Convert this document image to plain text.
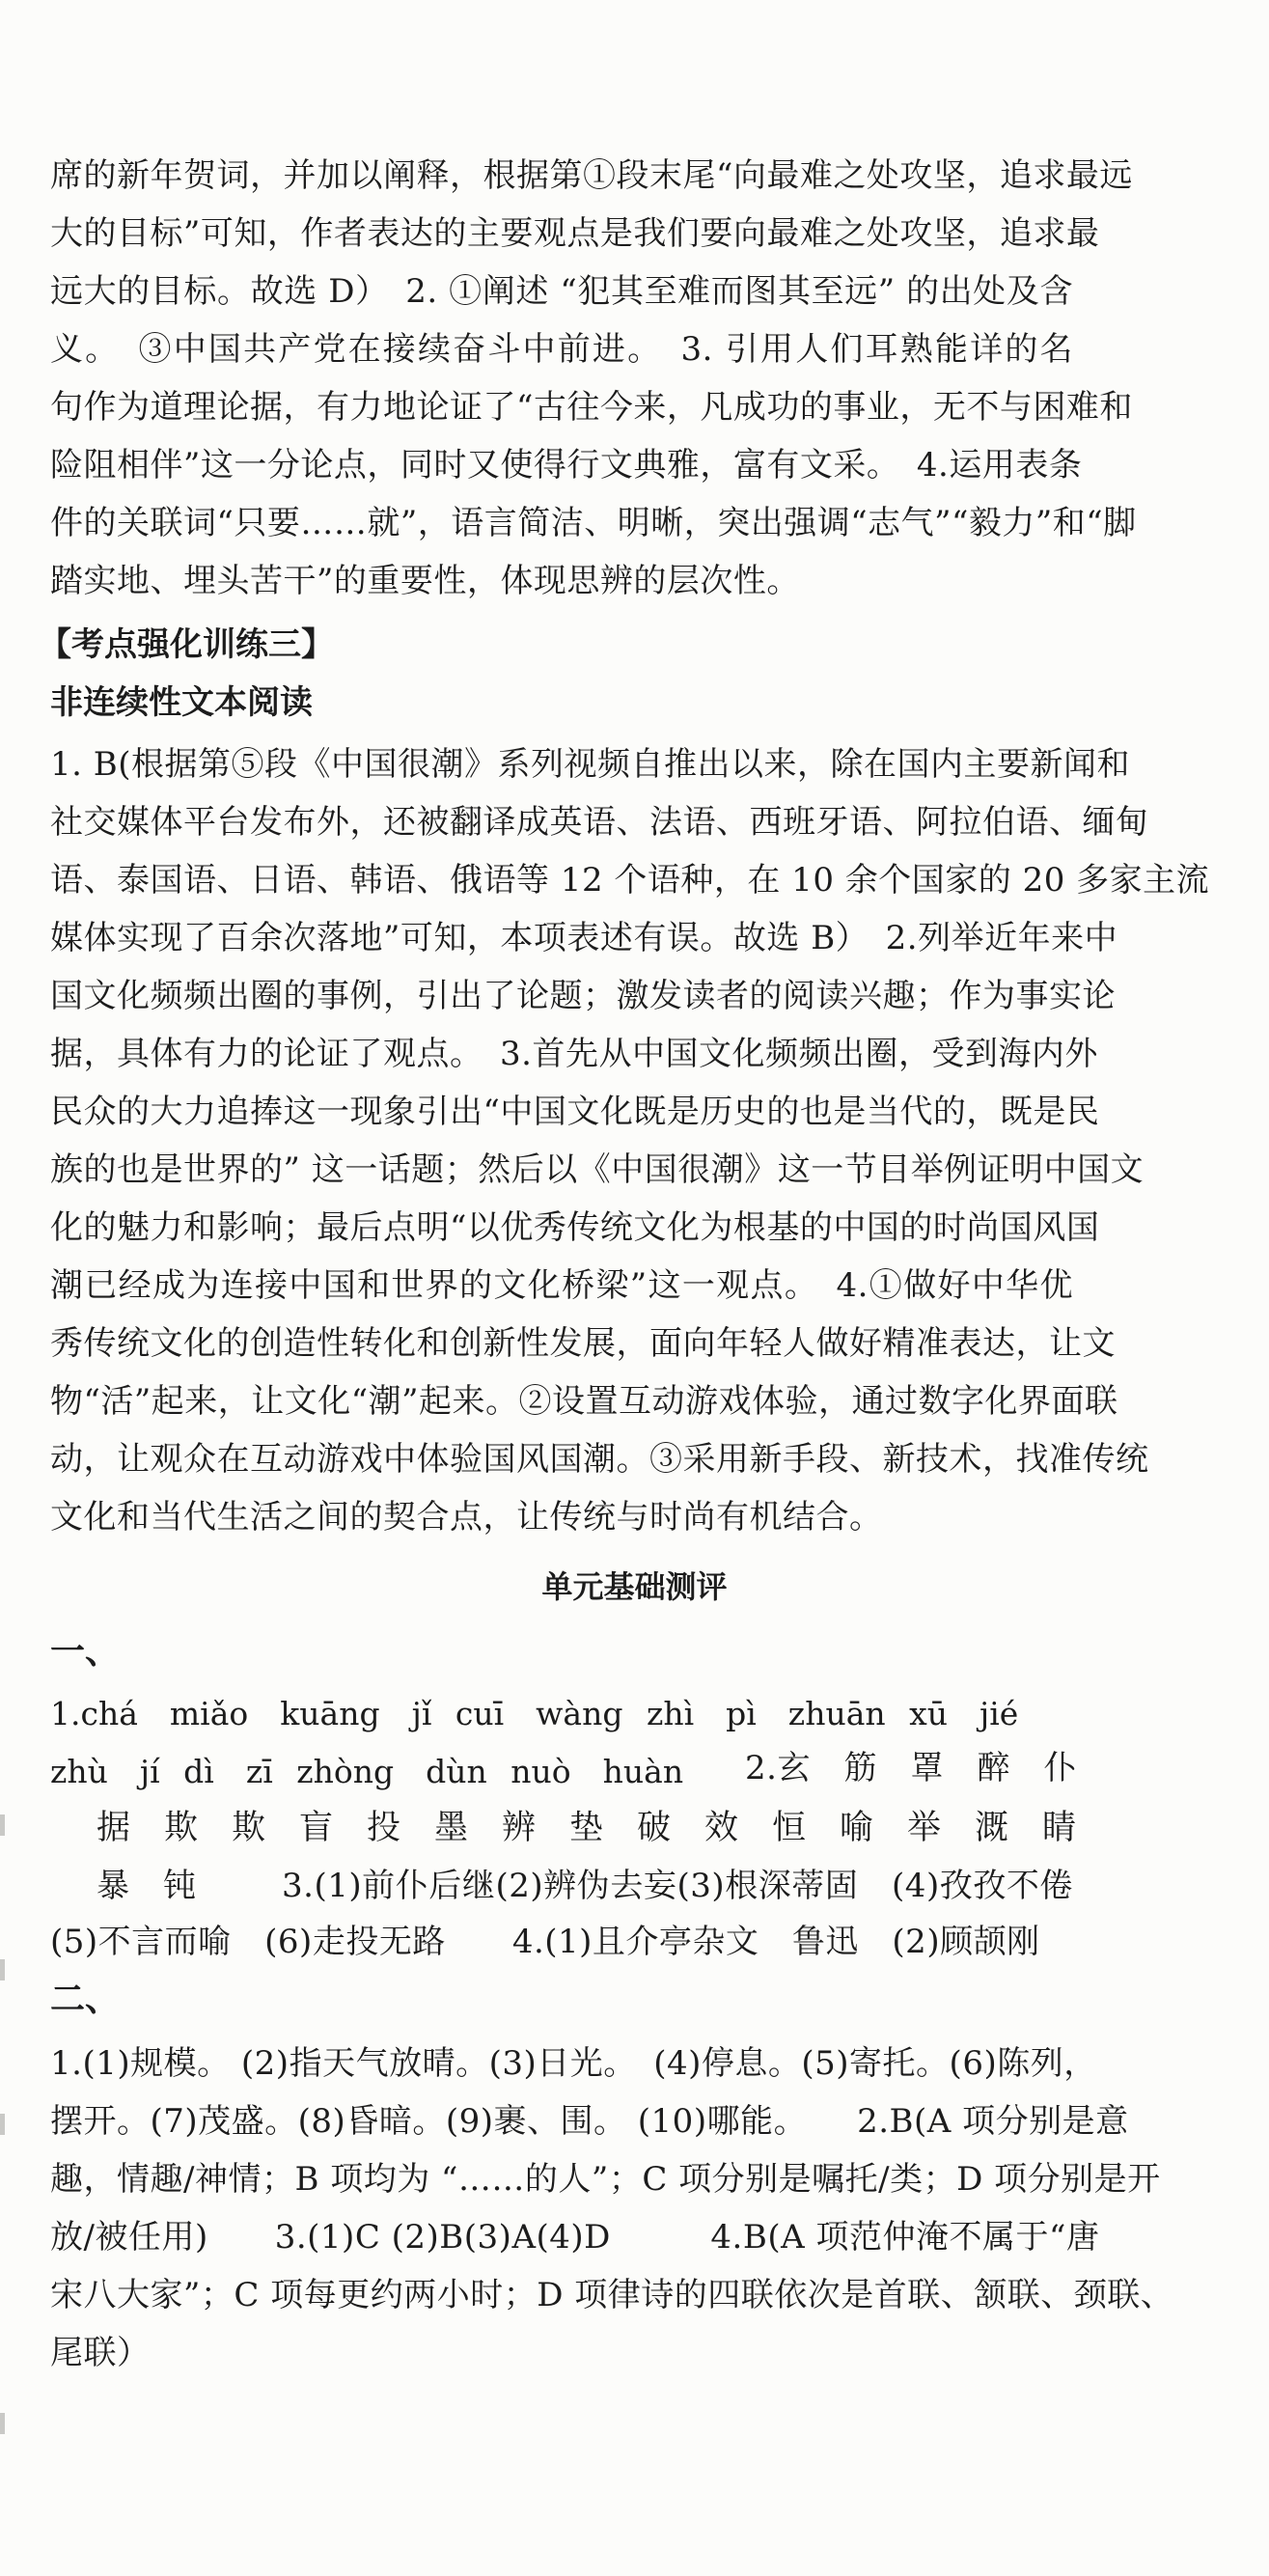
席的新年贺词，并加以阐释，根据第①段末尾“向最难之处攻坚，追求最远
大的目标”可知，作者表达的主要观点是我们要向最难之处攻坚，追求最
远大的目标。故选 D）　2. ①阐述 “犯其至难而图其至远” 的出处及含
义。　③中国共产党在接续奋斗中前进。　3. 引用人们耳熟能详的名
句作为道理论据，有力地论证了“古往今来，凡成功的事业，无不与困难和
险阻相伴”这一分论点，同时又使得行文典雅，富有文采。　4.运用表条
件的关联词“只要……就”，语言简洁、明晰，突出强调“志气”“毅力”和“脚
踏实地、埋头苦干”的重要性，体现思辨的层次性。
【考点强化训练三】
非连续性文本阅读
1. B(根据第⑤段《中国很潮》系列视频自推出以来，除在国内主要新闻和
社交媒体平台发布外，还被翻译成英语、法语、西班牙语、阿拉伯语、缅甸
语、泰国语、日语、韩语、俄语等 12 个语种，在 10 余个国家的 20 多家主流
媒体实现了百余次落地”可知，本项表述有误。故选 B）　2.列举近年来中
国文化频频出圈的事例，引出了论题；激发读者的阅读兴趣；作为事实论
据，具体有力的论证了观点。　3.首先从中国文化频频出圈，受到海内外
民众的大力追捧这一现象引出“中国文化既是历史的也是当代的，既是民
族的也是世界的” 这一话题；然后以《中国很潮》这一节目举例证明中国文
化的魅力和影响；最后点明“以优秀传统文化为根基的中国的时尚国风国
潮已经成为连接中国和世界的文化桥梁”这一观点。　4.①做好中华优
秀传统文化的创造性转化和创新性发展，面向年轻人做好精准表达，让文
物“活”起来，让文化“潮”起来。②设置互动游戏体验，通过数字化界面联
动，让观众在互动游戏中体验国风国潮。③采用新手段、新技术，找准传统
文化和当代生活之间的契合点，让传统与时尚有机结合。
单元基础测评
一、
1.chá　miǎo　kuāng　jǐ cuī　wàng zhì　pì　zhuān xū　jié
zhù　jí dì　zī zhòng　dùn nuò　huàn	2.玄　筋　罩　醉　仆
据　欺　欺　盲　投　墨　辨　垫　破　效　恒　喻　举　溉　睛
暴　钝	3.(1)前仆后继(2)辨伪去妄(3)根深蒂固　(4)孜孜不倦
(5)不言而喻　(6)走投无路　　4.(1)且介亭杂文　鲁迅　(2)顾颉刚
二、
1.(1)规模。 (2)指天气放晴。(3)日光。　(4)停息。(5)寄托。(6)陈列，
摆开。(7)茂盛。(8)昏暗。(9)裹、围。 (10)哪能。　　2.B(A 项分别是意
趣，情趣/神情；B 项均为 “……的人”；C 项分别是嘱托/类；D 项分别是开
放/被任用)　　3.(1)C (2)B(3)A(4)D　　　4.B(A 项范仲淹不属于“唐
宋八大家”；C 项每更约两小时；D 项律诗的四联依次是首联、颔联、颈联、
尾联）
